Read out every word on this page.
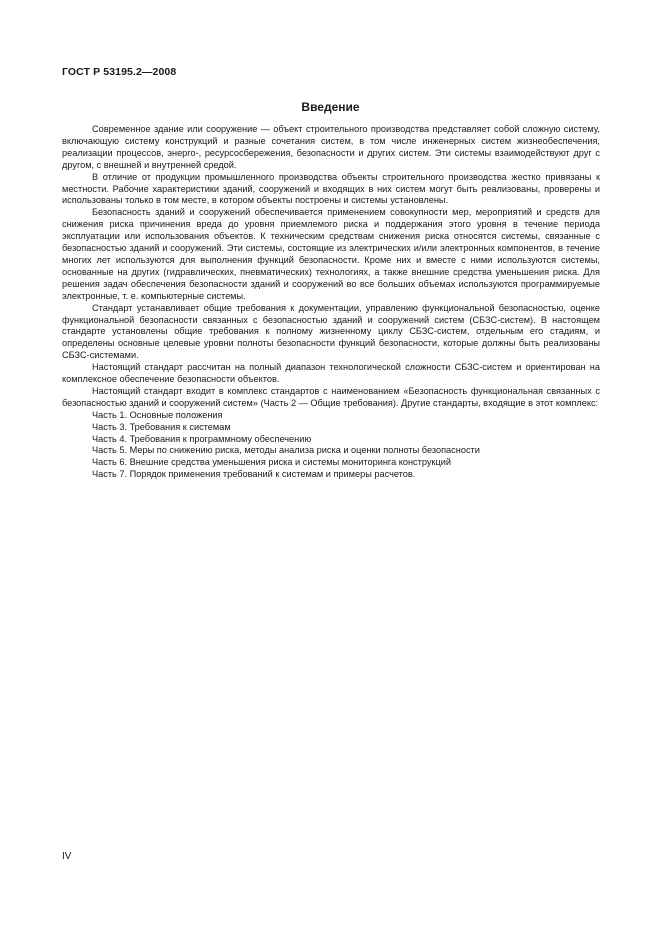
ГОСТ Р 53195.2—2008
Введение

Современное здание или сооружение — объект строительного производства представляет собой сложную систему, включающую систему конструкций и разные сочетания систем, в том числе инженерных систем жизнеобеспечения, реализации процессов, энерго-, ресурсосбережения, безопасности и других систем. Эти системы взаимодействуют друг с другом, с внешней и внутренней средой.

В отличие от продукции промышленного производства объекты строительного производства жестко привязаны к местности. Рабочие характеристики зданий, сооружений и входящих в них систем могут быть реализованы, проверены и использованы только в том месте, в котором объекты построены и системы установлены.

Безопасность зданий и сооружений обеспечивается применением совокупности мер, мероприятий и средств для снижения риска причинения вреда до уровня приемлемого риска и поддержания этого уровня в течение периода эксплуатации или использования объектов. К техническим средствам снижения риска относятся системы, связанные с безопасностью зданий и сооружений. Эти системы, состоящие из электрических и/или электронных компонентов, в течение многих лет используются для выполнения функций безопасности. Кроме них и вместе с ними используются системы, основанные на других (гидравлических, пневматических) технологиях, а также внешние средства уменьшения риска. Для решения задач обеспечения безопасности зданий и сооружений во все больших объемах используются программируемые электронные, т. е. компьютерные системы.

Стандарт устанавливает общие требования к документации, управлению функциональной безопасностью, оценке функциональной безопасности связанных с безопасностью зданий и сооружений систем (СБЗС-систем). В настоящем стандарте установлены общие требования к полному жизненному циклу СБЗС-систем, отдельным его стадиям, и определены основные целевые уровни полноты безопасности функций безопасности, которые должны быть реализованы СБЗС-системами.

Настоящий стандарт рассчитан на полный диапазон технологической сложности СБЗС-систем и ориентирован на комплексное обеспечение безопасности объектов.

Настоящий стандарт входит в комплекс стандартов с наименованием «Безопасность функциональная связанных с безопасностью зданий и сооружений систем» (Часть 2 — Общие требования). Другие стандарты, входящие в этот комплекс:

Часть 1. Основные положения
Часть 3. Требования к системам
Часть 4. Требования к программному обеспечению
Часть 5. Меры по снижению риска, методы анализа риска и оценки полноты безопасности
Часть 6. Внешние средства уменьшения риска и системы мониторинга конструкций
Часть 7. Порядок применения требований к системам и примеры расчетов.
IV
